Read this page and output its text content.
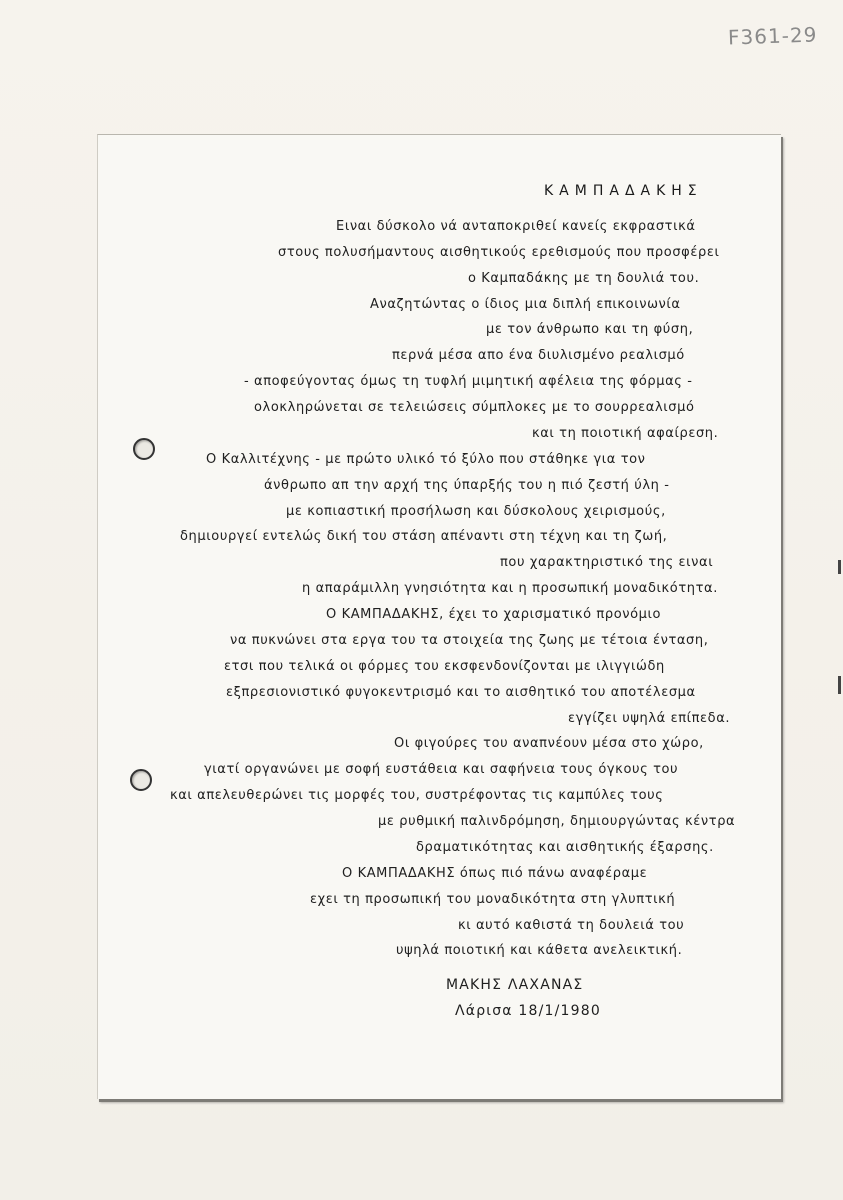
F361-29
ΚΑΜΠΑΔΑΚΗΣ
Ειναι δύσκολο νά ανταποκριθεί κανείς εκφραστικά
στους πολυσήμαντους αισθητικούς ερεθισμούς που προσφέρει
ο Καμπαδάκης με τη δουλιά του.
Αναζητώντας ο ίδιος μια διπλή επικοινωνία
με τον άνθρωπο και τη φύση,
περνά μέσα απο ένα διυλισμένο ρεαλισμό
- αποφεύγοντας όμως τη τυφλή μιμητική αφέλεια της φόρμας -
ολοκληρώνεται σε τελειώσεις σύμπλοκες με το σουρρεαλισμό
και τη ποιοτική αφαίρεση.
Ο Καλλιτέχνης - με πρώτο υλικό τό ξύλο που στάθηκε για τον
άνθρωπο απ την αρχή της ύπαρξής του η πιό ζεστή ύλη -
με κοπιαστική προσήλωση και δύσκολους χειρισμούς,
δημιουργεί εντελώς δική του στάση απέναντι στη τέχνη και τη ζωή,
που χαρακτηριστικό της ειναι
η απαράμιλλη γνησιότητα και η προσωπική μοναδικότητα.
Ο ΚΑΜΠΑΔΑΚΗΣ, έχει το χαρισματικό προνόμιο
να πυκνώνει στα εργα του τα στοιχεία της ζωης με τέτοια ένταση,
ετσι που τελικά οι φόρμες του εκσφενδονίζονται με ιλιγγιώδη
εξπρεσιονιστικό φυγοκεντρισμό και το αισθητικό του αποτέλεσμα
εγγίζει υψηλά επίπεδα.
Οι φιγούρες του αναπνέουν μέσα στο χώρο,
γιατί οργανώνει με σοφή ευστάθεια και σαφήνεια τους όγκους του
και απελευθερώνει τις μορφές του, συστρέφοντας τις καμπύλες τους
με ρυθμική παλινδρόμηση, δημιουργώντας κέντρα
δραματικότητας και αισθητικής έξαρσης.
Ο ΚΑΜΠΑΔΑΚΗΣ όπως πιό πάνω αναφέραμε
εχει τη προσωπική του μοναδικότητα στη γλυπτική
κι αυτό καθιστά τη δουλειά του
υψηλά ποιοτική και κάθετα ανελεικτική.
ΜΑΚΗΣ ΛΑΧΑΝΑΣ
Λάρισα 18/1/1980
